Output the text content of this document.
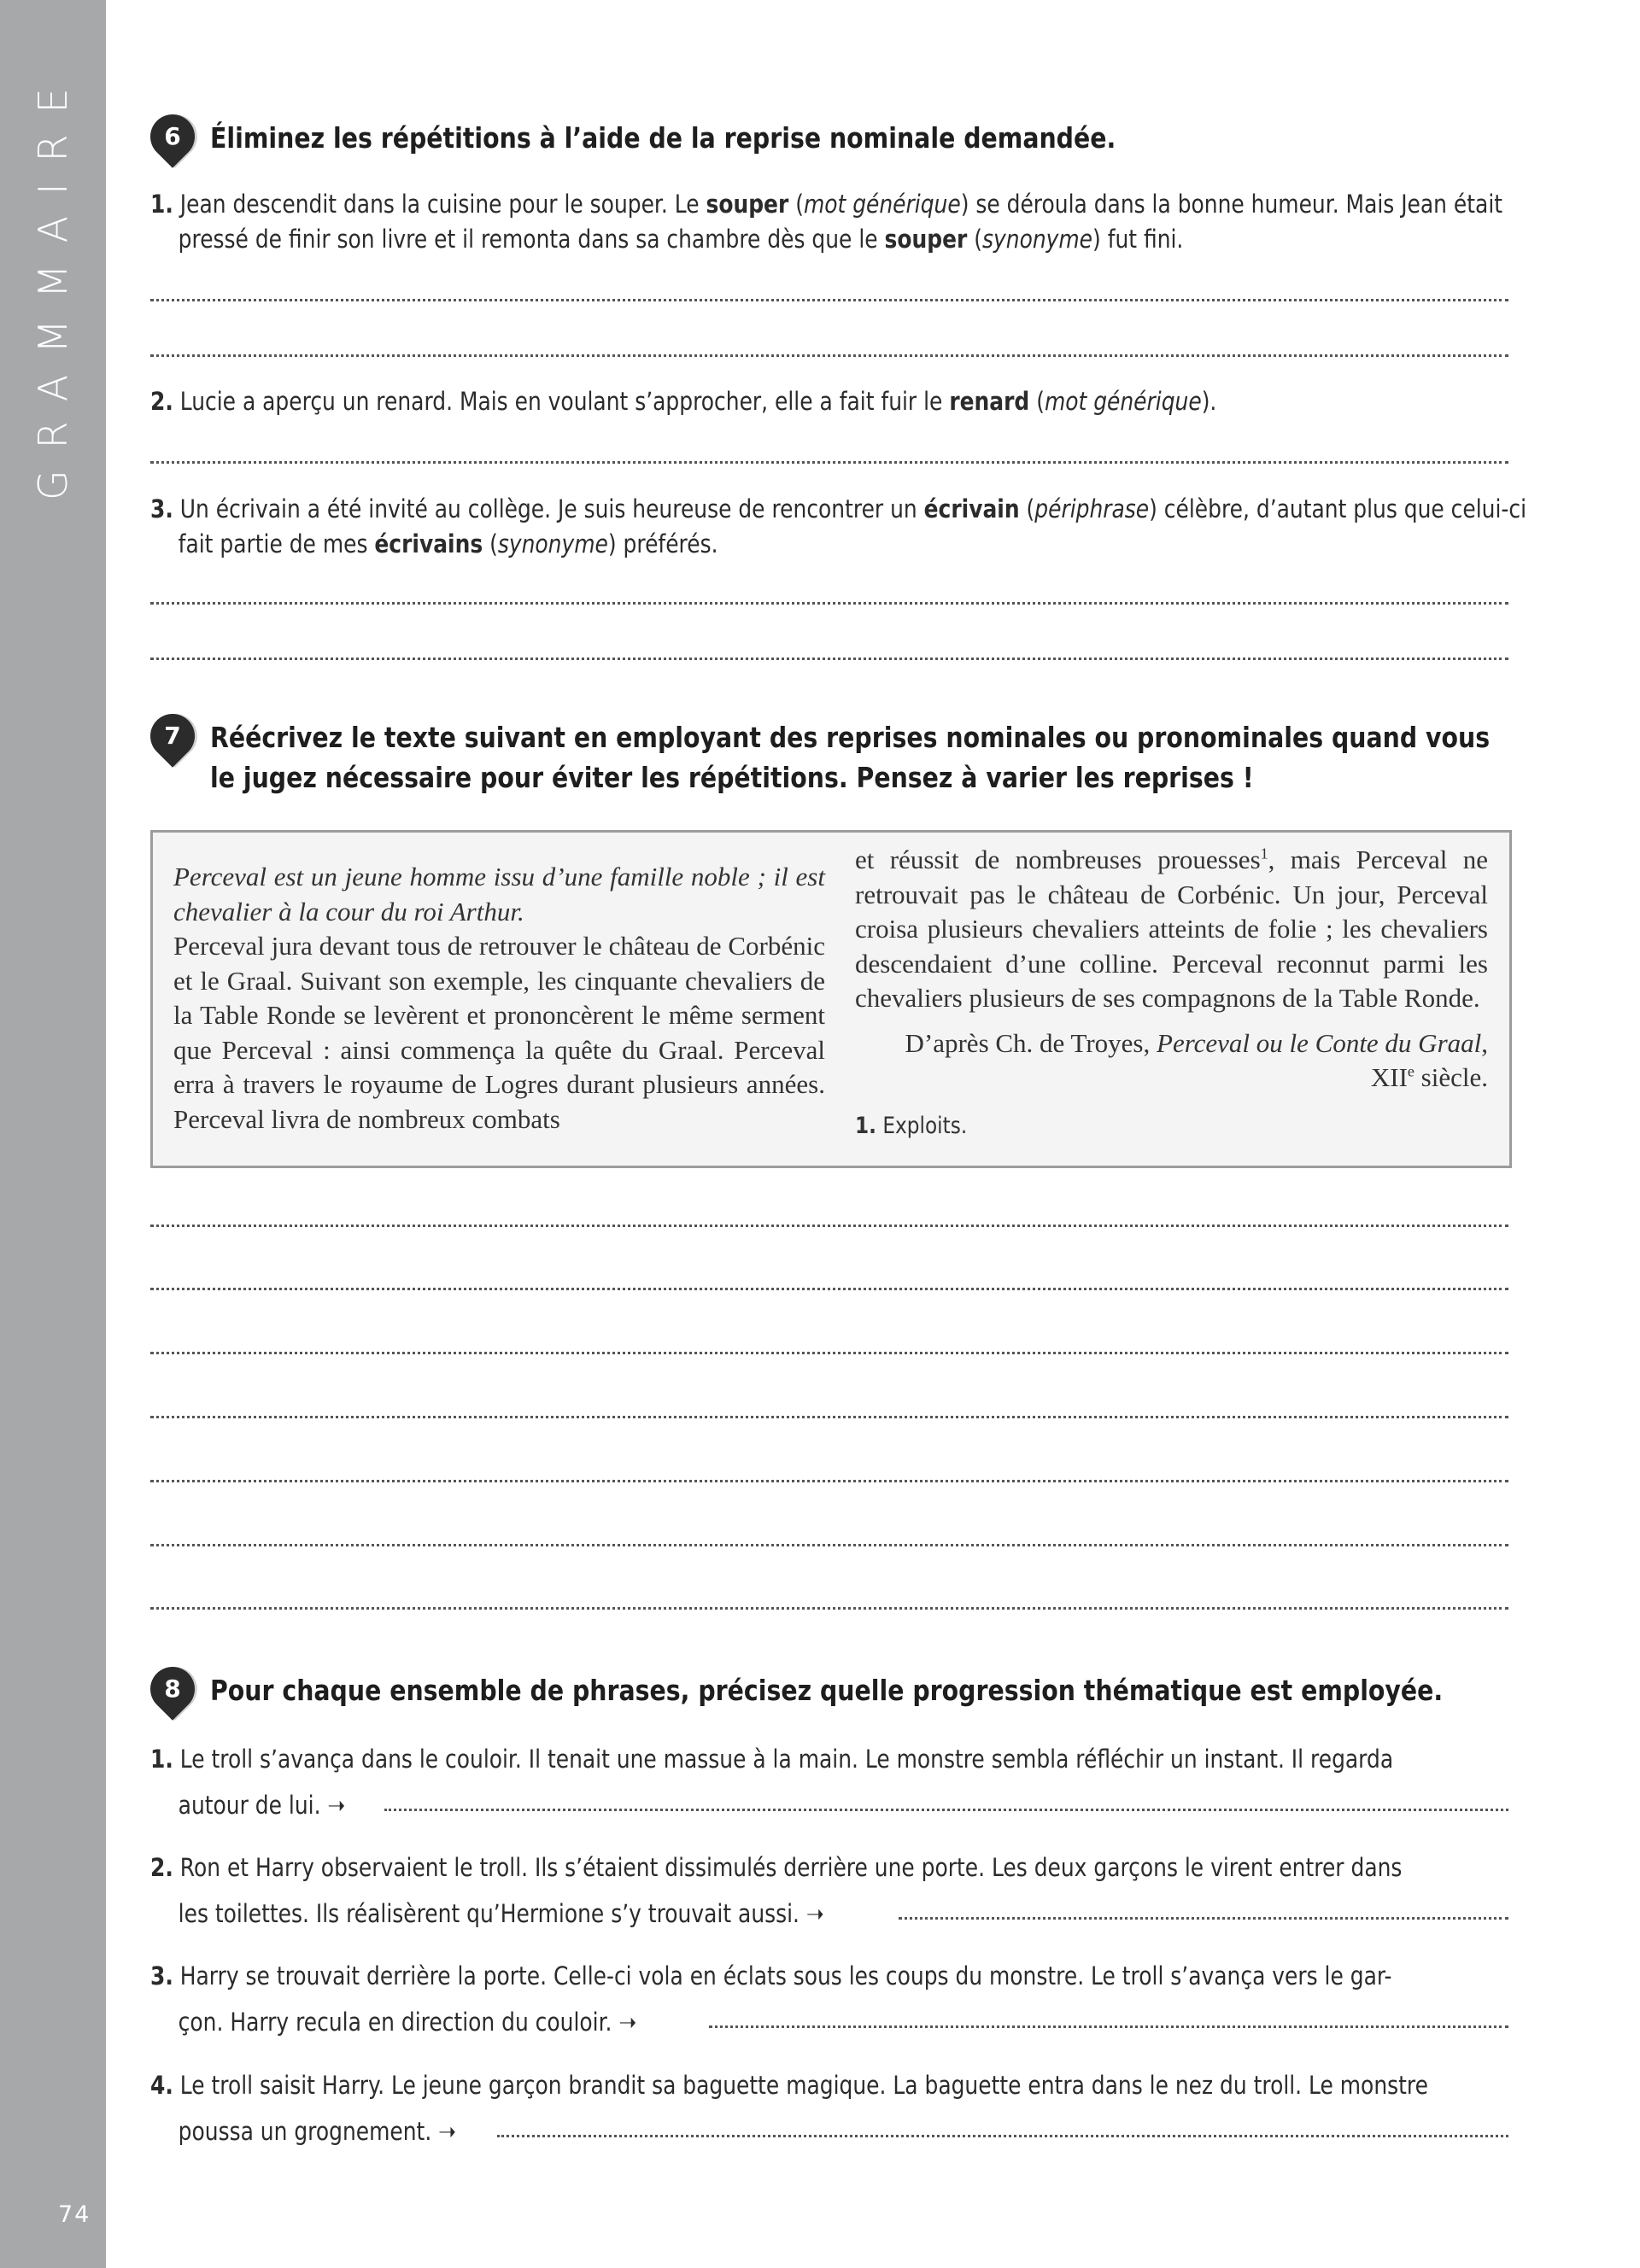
GRAMMAIRE
74
6	Éliminez les répétitions à l’aide de la reprise nominale demandée.
1. Jean descendit dans la cuisine pour le souper. Le souper (mot générique) se déroula dans la bonne humeur. Mais Jean était pressé de finir son livre et il remonta dans sa chambre dès que le souper (synonyme) fut fini.
2. Lucie a aperçu un renard. Mais en voulant s’approcher, elle a fait fuir le renard (mot générique).
3. Un écrivain a été invité au collège. Je suis heureuse de rencontrer un écrivain (périphrase) célèbre, d’autant plus que celui-ci fait partie de mes écrivains (synonyme) préférés.
7	Réécrivez le texte suivant en employant des reprises nominales ou pronominales quand vous le jugez nécessaire pour éviter les répétitions. Pensez à varier les reprises !
Perceval est un jeune homme issu d’une famille noble ; il est chevalier à la cour du roi Arthur.
Perceval jura devant tous de retrouver le château de Corbénic et le Graal. Suivant son exemple, les cinquante chevaliers de la Table Ronde se levèrent et prononcèrent le même serment que Perceval : ainsi commença la quête du Graal. Perceval erra à travers le royaume de Logres durant plusieurs années. Perceval livra de nombreux combats
et réussit de nombreuses prouesses$^1$, mais Perceval ne retrouvait pas le château de Corbénic. Un jour, Perceval croisa plusieurs chevaliers atteints de folie ; les chevaliers descendaient d’une colline. Perceval reconnut parmi les chevaliers plusieurs de ses compagnons de la Table Ronde.
D’après Ch. de Troyes, Perceval ou le Conte du Graal,
XIIe siècle.
1. Exploits.
8	Pour chaque ensemble de phrases, précisez quelle progression thématique est employée.
1. Le troll s’avança dans le couloir. Il tenait une massue à la main. Le monstre sembla réfléchir un instant. Il regarda
autour de lui. ➝
2. Ron et Harry observaient le troll. Ils s’étaient dissimulés derrière une porte. Les deux garçons le virent entrer dans
les toilettes. Ils réalisèrent qu’Hermione s’y trouvait aussi. ➝
3. Harry se trouvait derrière la porte. Celle-ci vola en éclats sous les coups du monstre. Le troll s’avança vers le gar-
çon. Harry recula en direction du couloir. ➝
4. Le troll saisit Harry. Le jeune garçon brandit sa baguette magique. La baguette entra dans le nez du troll. Le monstre
poussa un grognement. ➝
